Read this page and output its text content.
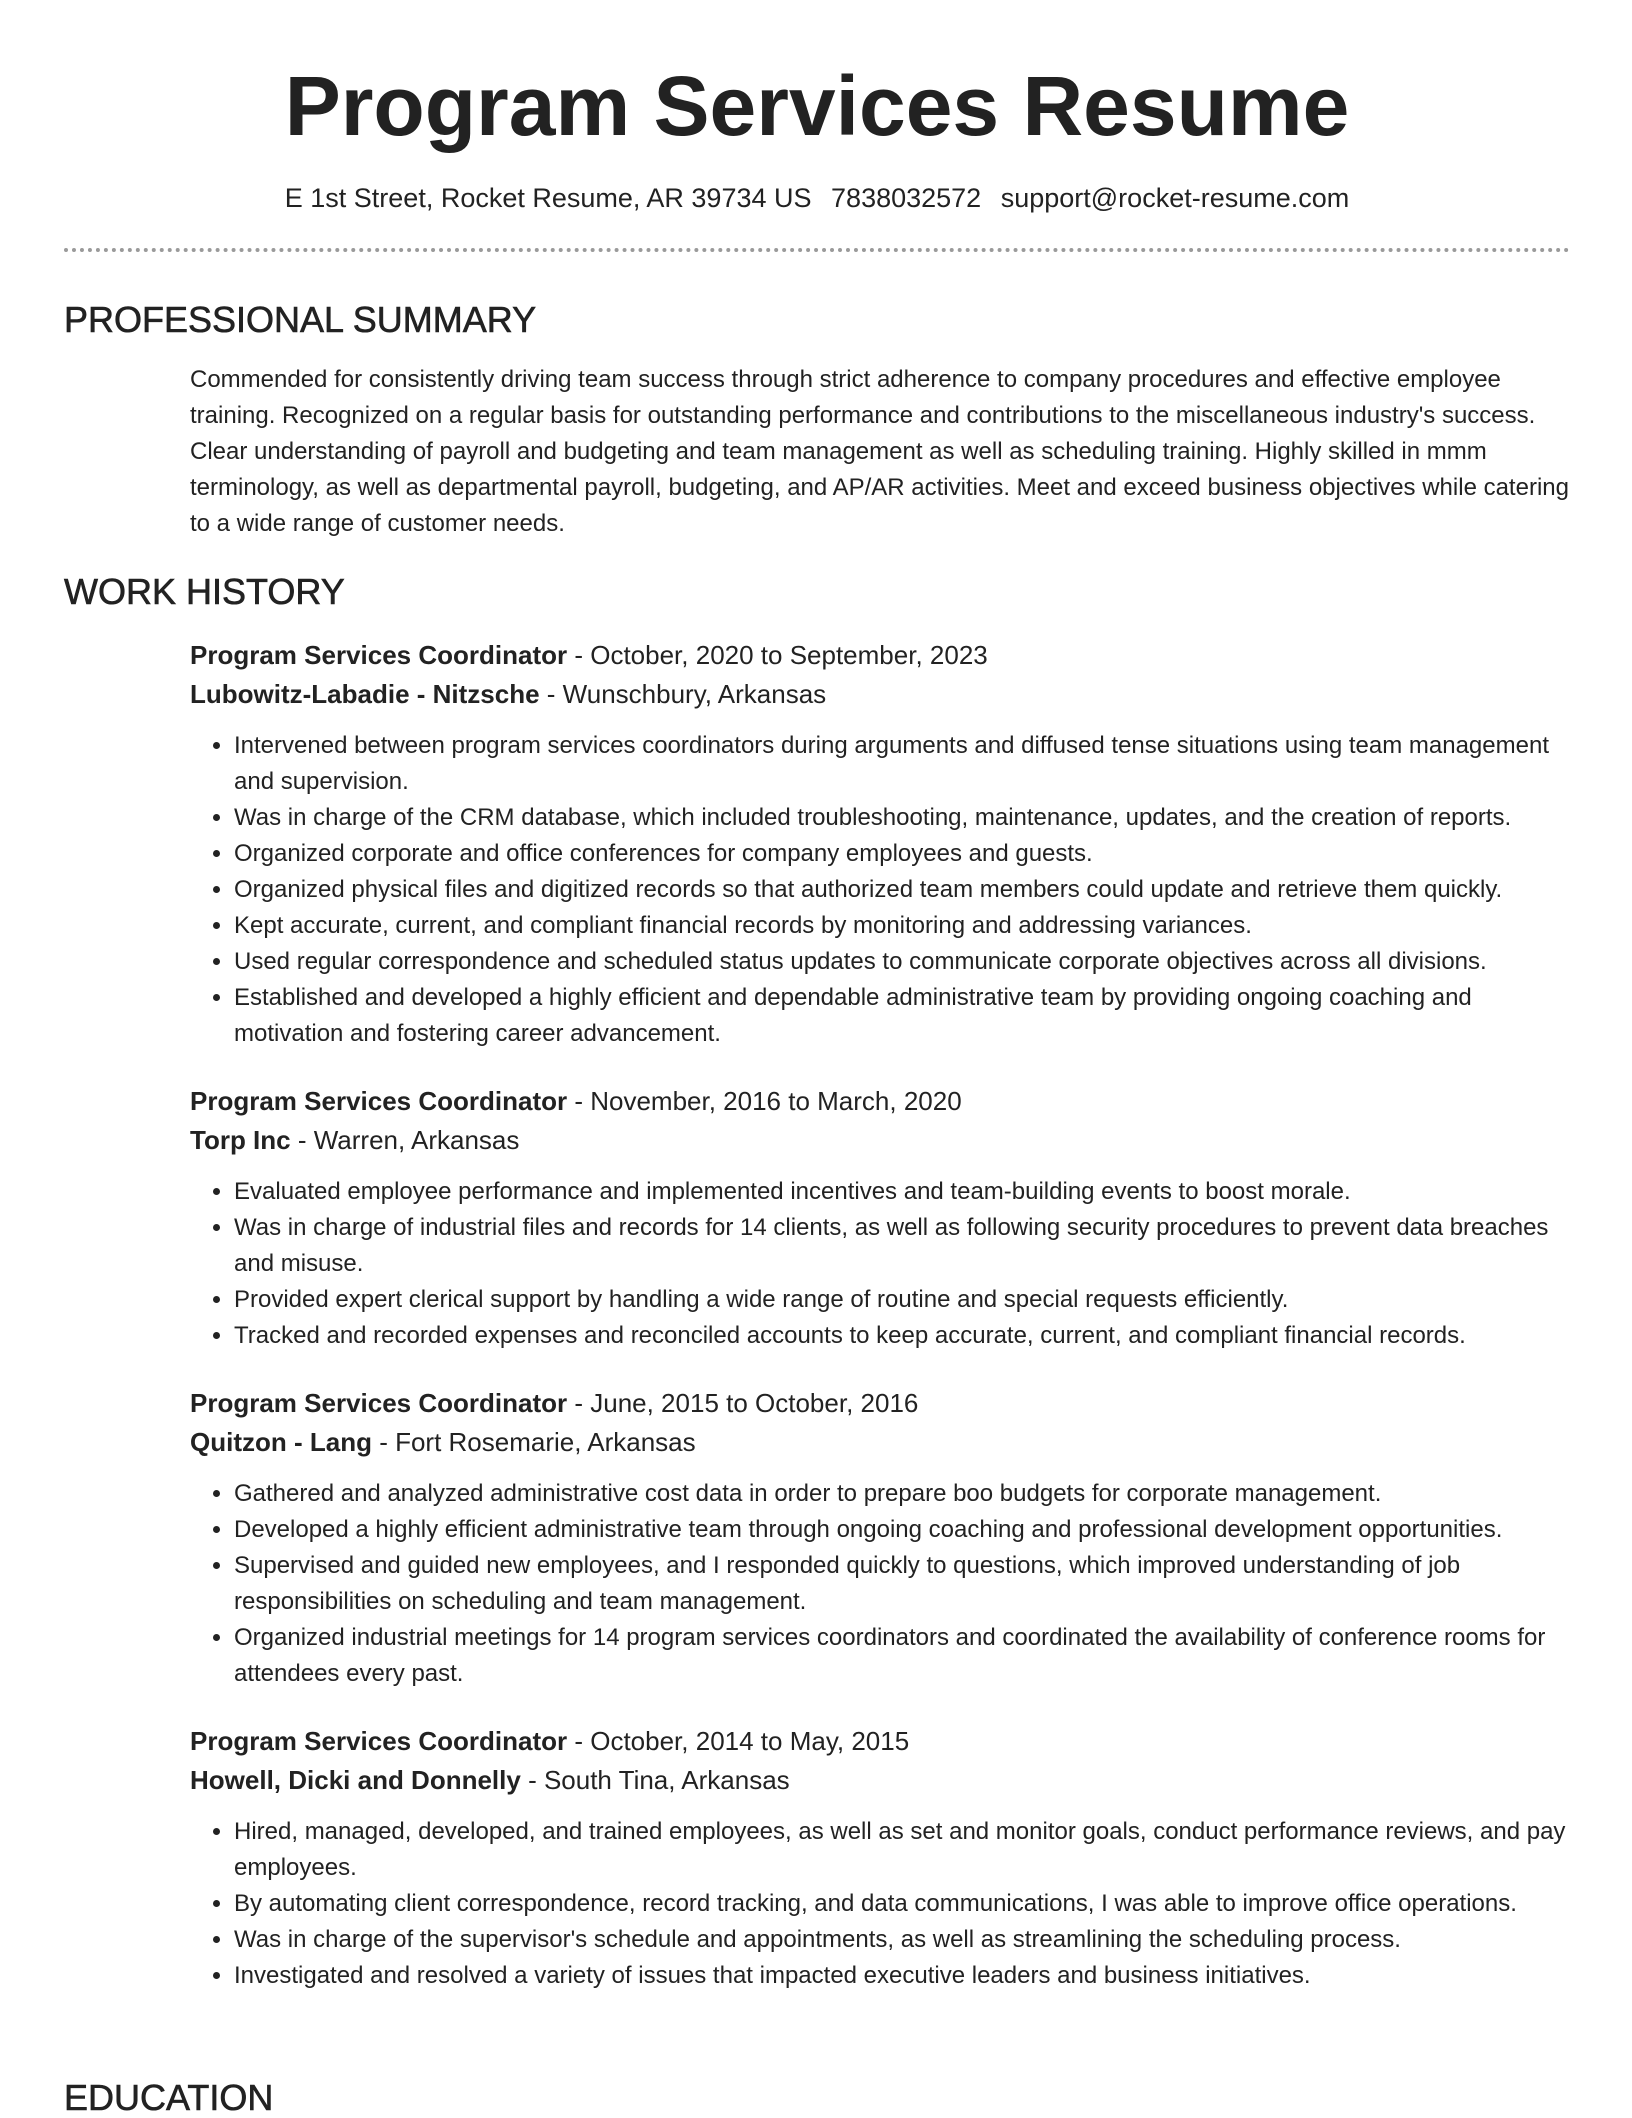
Program Services Resume
E 1st Street, Rocket Resume, AR 39734 US 7838032572 support@rocket-resume.com
PROFESSIONAL SUMMARY

Commended for consistently driving team success through strict adherence to company procedures and effective employee training. Recognized on a regular basis for outstanding performance and contributions to the miscellaneous industry's success. Clear understanding of payroll and budgeting and team management as well as scheduling training. Highly skilled in mmm terminology, as well as departmental payroll, budgeting, and AP/AR activities. Meet and exceed business objectives while catering to a wide range of customer needs.

WORK HISTORY
Program Services Coordinator - October, 2020 to September, 2023
Lubowitz-Labadie - Nitzsche - Wunschbury, Arkansas
• Intervened between program services coordinators during arguments and diffused tense situations using team management and supervision.
• Was in charge of the CRM database, which included troubleshooting, maintenance, updates, and the creation of reports.
• Organized corporate and office conferences for company employees and guests.
• Organized physical files and digitized records so that authorized team members could update and retrieve them quickly.
• Kept accurate, current, and compliant financial records by monitoring and addressing variances.
• Used regular correspondence and scheduled status updates to communicate corporate objectives across all divisions.
• Established and developed a highly efficient and dependable administrative team by providing ongoing coaching and motivation and fostering career advancement.
Program Services Coordinator - November, 2016 to March, 2020
Torp Inc - Warren, Arkansas
• Evaluated employee performance and implemented incentives and team-building events to boost morale.
• Was in charge of industrial files and records for 14 clients, as well as following security procedures to prevent data breaches and misuse.
• Provided expert clerical support by handling a wide range of routine and special requests efficiently.
• Tracked and recorded expenses and reconciled accounts to keep accurate, current, and compliant financial records.
Program Services Coordinator - June, 2015 to October, 2016
Quitzon - Lang - Fort Rosemarie, Arkansas
• Gathered and analyzed administrative cost data in order to prepare boo budgets for corporate management.
• Developed a highly efficient administrative team through ongoing coaching and professional development opportunities.
• Supervised and guided new employees, and I responded quickly to questions, which improved understanding of job responsibilities on scheduling and team management.
• Organized industrial meetings for 14 program services coordinators and coordinated the availability of conference rooms for attendees every past.
Program Services Coordinator - October, 2014 to May, 2015
Howell, Dicki and Donnelly - South Tina, Arkansas
• Hired, managed, developed, and trained employees, as well as set and monitor goals, conduct performance reviews, and pay employees.
• By automating client correspondence, record tracking, and data communications, I was able to improve office operations.
• Was in charge of the supervisor's schedule and appointments, as well as streamlining the scheduling process.
• Investigated and resolved a variety of issues that impacted executive leaders and business initiatives.
EDUCATION
